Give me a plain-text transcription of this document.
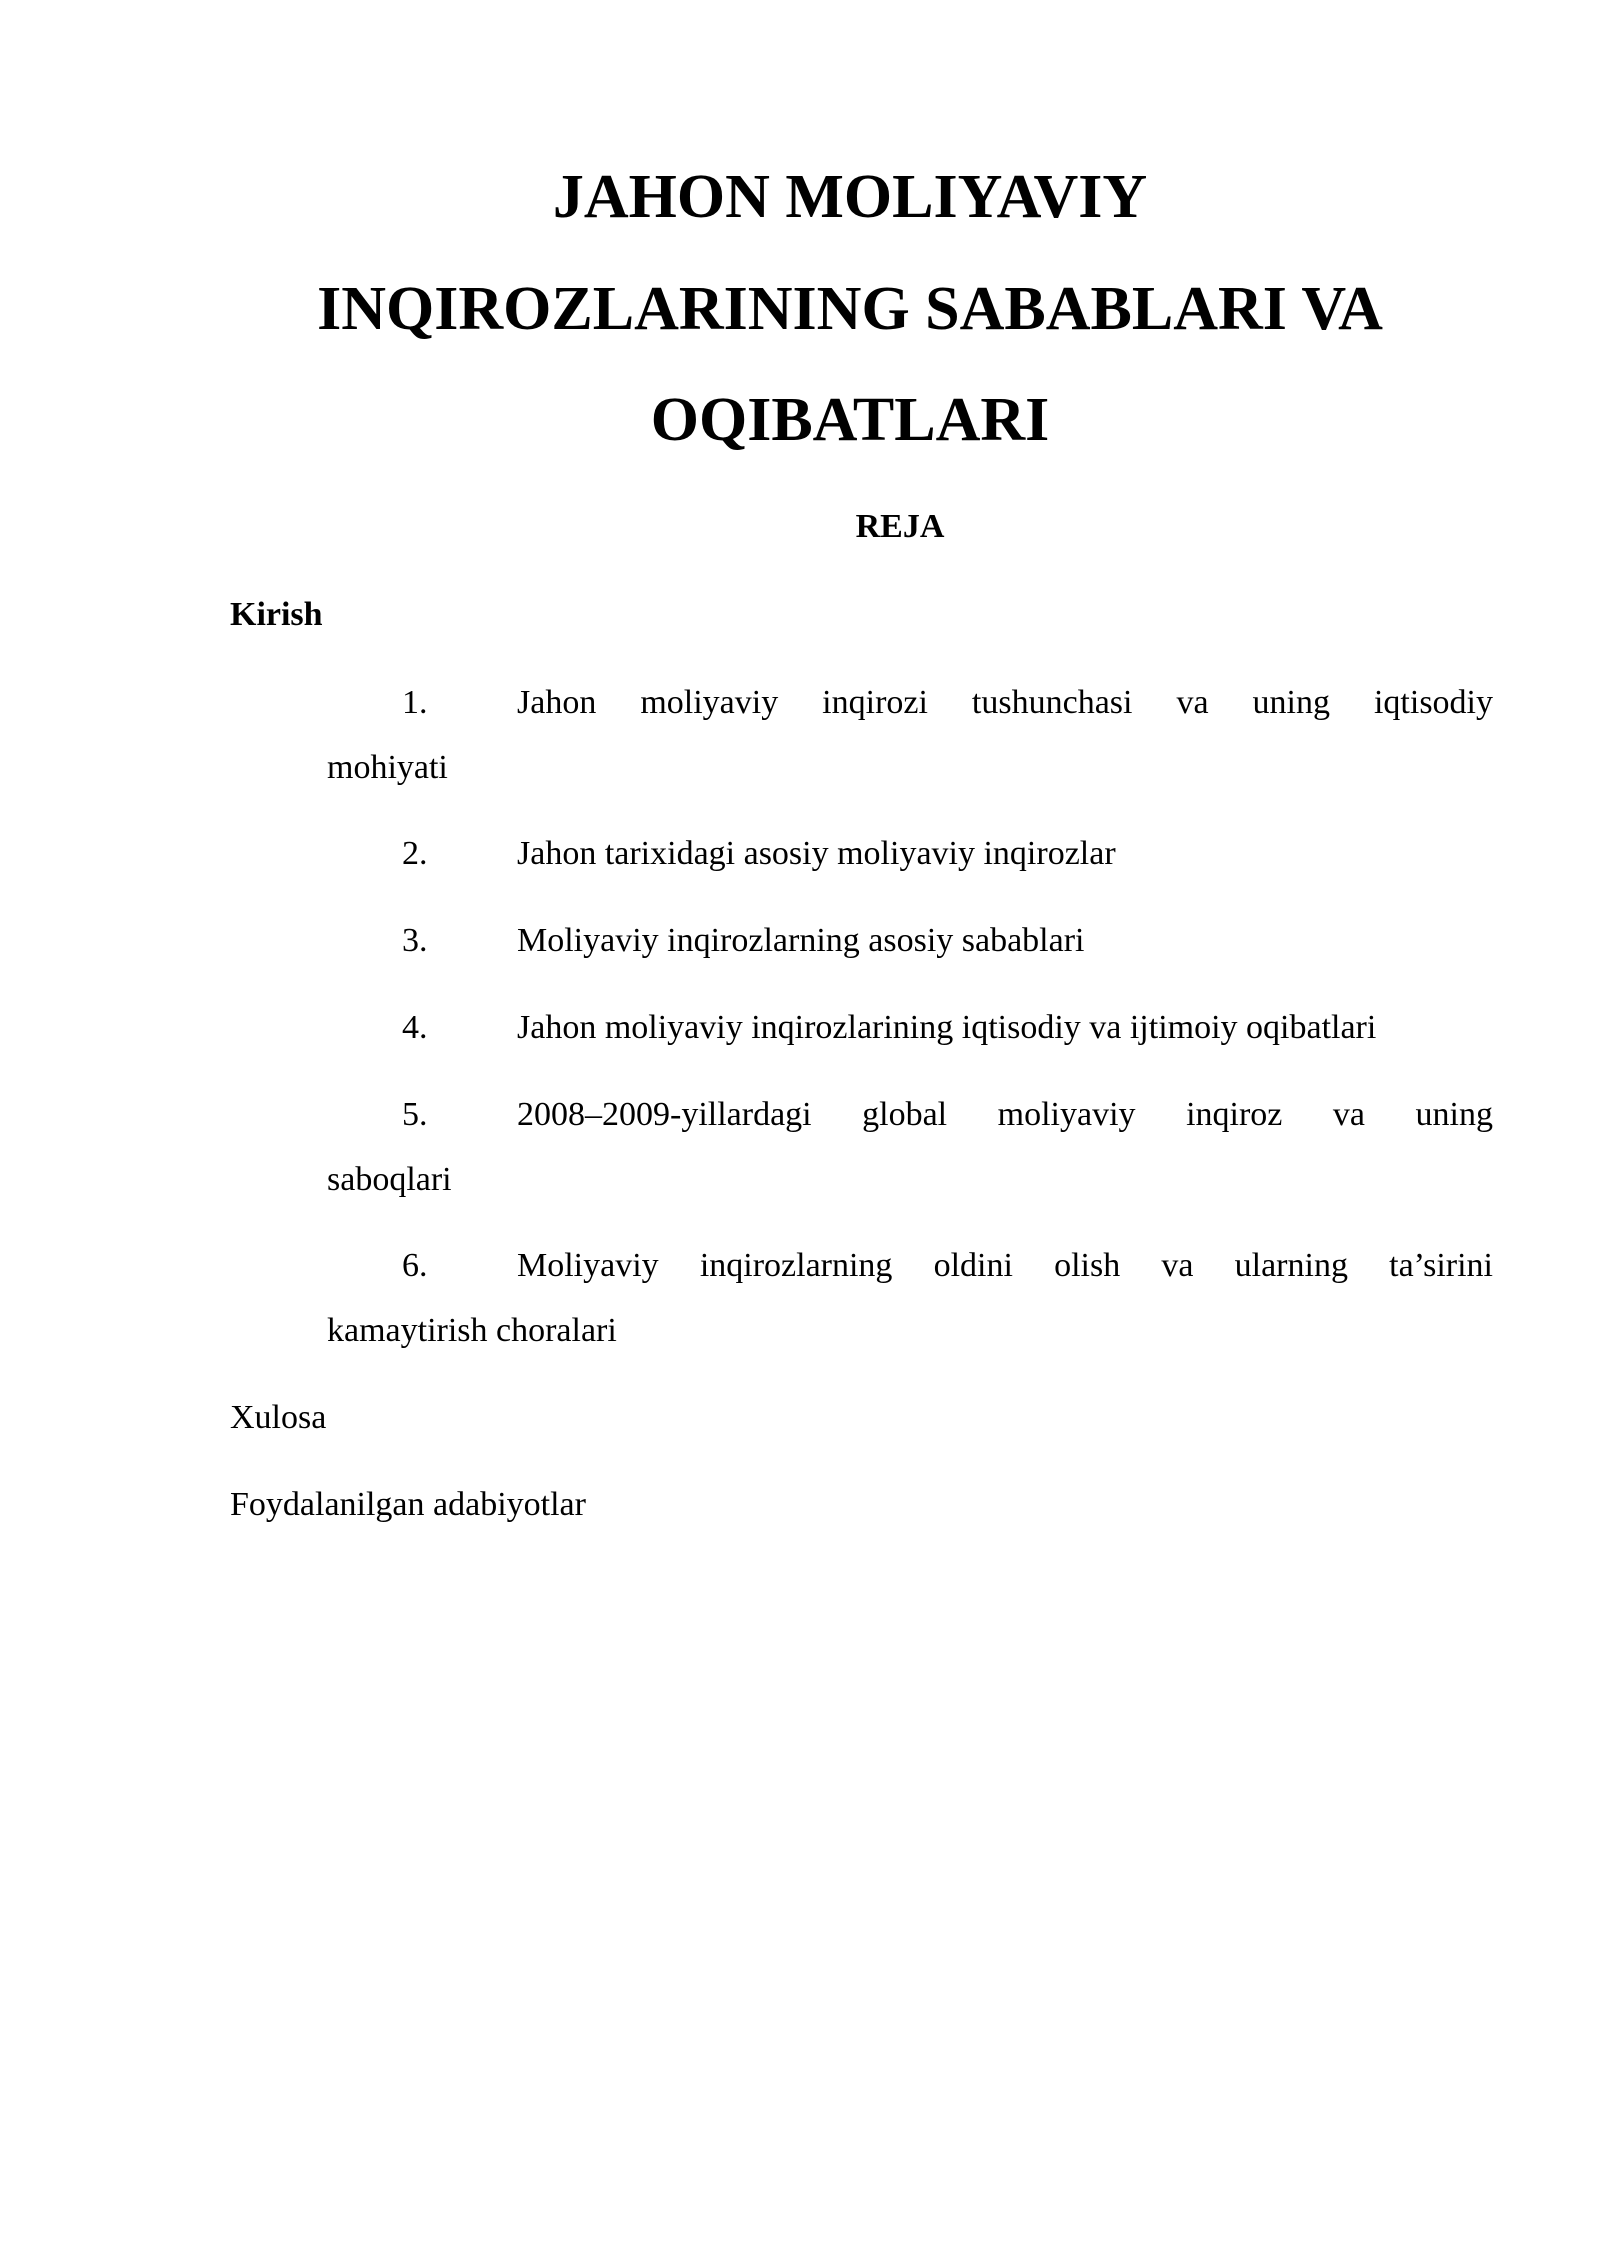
JAHON MOLIYAVIY
INQIROZLARINING SABABLARI VA
OQIBATLARI

REJA

Kirish

1.	Jahon moliyaviy inqirozi tushunchasi va uning iqtisodiy

mohiyati

2.	Jahon tarixidagi asosiy moliyaviy inqirozlar

3.	Moliyaviy inqirozlarning asosiy sabablari

4.	Jahon moliyaviy inqirozlarining iqtisodiy va ijtimoiy oqibatlari

5.	2008–2009-yillardagi global moliyaviy inqiroz va uning

saboqlari

6.	Moliyaviy inqirozlarning oldini olish va ularning ta’sirini

kamaytirish choralari

Xulosa

Foydalanilgan adabiyotlar
